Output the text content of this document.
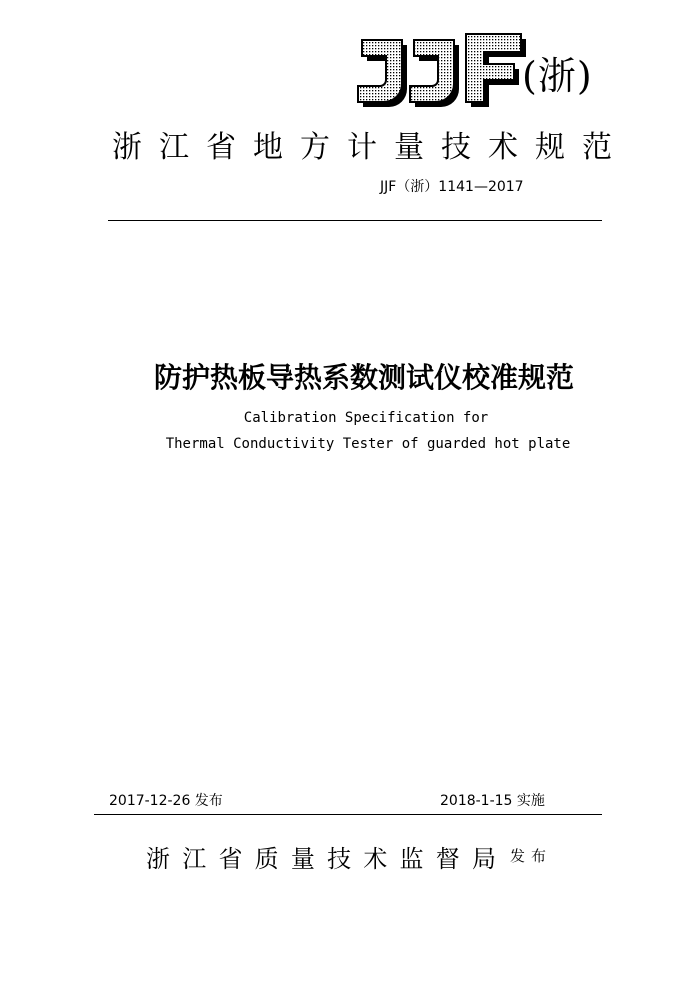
(浙)
浙 江 省 地 方 计 量 技 术 规 范
JJF（浙）1141—2017
防护热板导热系数测试仪校准规范
Calibration Specification for
Thermal Conductivity Tester of guarded hot plate
2017-12-26 发布	2018-1-15 实施
浙 江 省 质 量 技 术 监 督 局 发布
